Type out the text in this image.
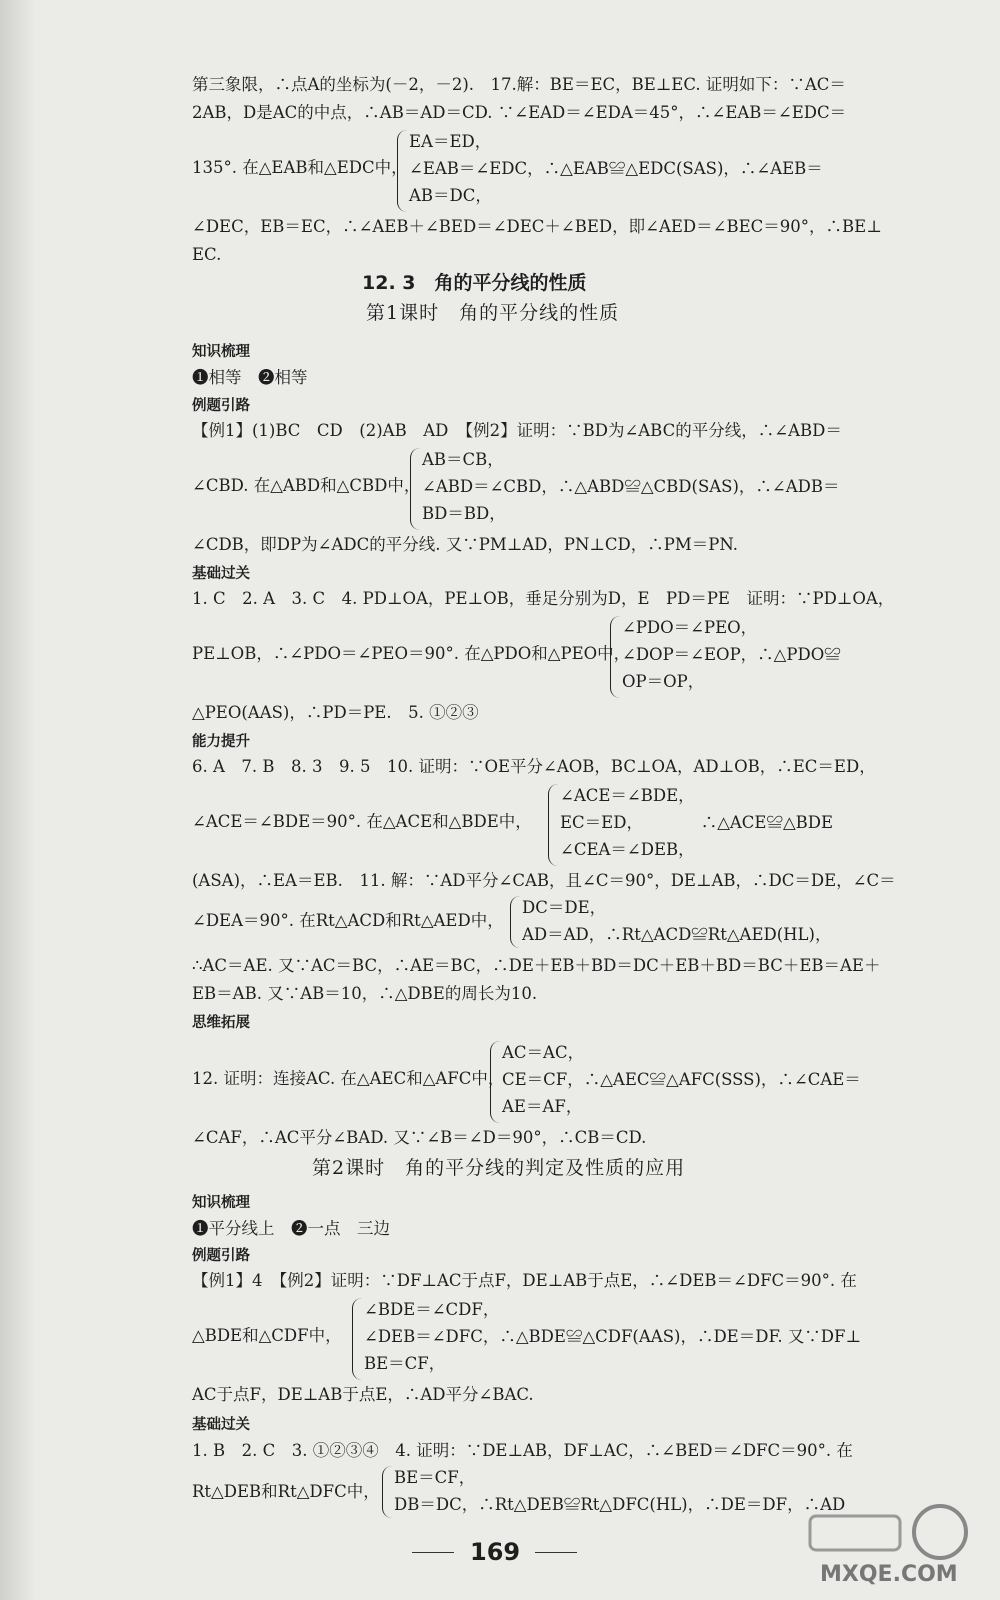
第三象限，∴点A的坐标为(－2，－2).　17.解：BE＝EC，BE⊥EC. 证明如下：∵AC＝
2AB，D是AC的中点，∴AB＝AD＝CD. ∵∠EAD＝∠EDA＝45°，∴∠EAB＝∠EDC＝
135°. 在△EAB和△EDC中，
EA＝ED，
∠EAB＝∠EDC，∴△EAB≌△EDC(SAS)，∴∠AEB＝
AB＝DC，
∠DEC，EB＝EC，∴∠AEB＋∠BED＝∠DEC＋∠BED，即∠AED＝∠BEC＝90°，∴BE⊥
EC.
12. 3　角的平分线的性质
第1课时　角的平分线的性质
知识梳理
❶相等　❷相等
例题引路
【例1】(1)BC　CD　(2)AB　AD　【例2】证明：∵BD为∠ABC的平分线，∴∠ABD＝
∠CBD. 在△ABD和△CBD中，
AB＝CB，
∠ABD＝∠CBD，∴△ABD≌△CBD(SAS)，∴∠ADB＝
BD＝BD，
∠CDB，即DP为∠ADC的平分线. 又∵PM⊥AD，PN⊥CD，∴PM＝PN.
基础过关
1. C　2. A　3. C　4. PD⊥OA，PE⊥OB，垂足分别为D，E　PD＝PE　证明：∵PD⊥OA，
PE⊥OB，∴∠PDO＝∠PEO＝90°. 在△PDO和△PEO中，
∠PDO＝∠PEO，
∠DOP＝∠EOP，∴△PDO≌
OP＝OP，
△PEO(AAS)，∴PD＝PE.　5. ①②③
能力提升
6. A　7. B　8. 3　9. 5　10. 证明：∵OE平分∠AOB，BC⊥OA，AD⊥OB，∴EC＝ED，
∠ACE＝∠BDE＝90°. 在△ACE和△BDE中，
∠ACE＝∠BDE，
EC＝ED，　　　　∴△ACE≌△BDE
∠CEA＝∠DEB，
(ASA)，∴EA＝EB.　11. 解：∵AD平分∠CAB，且∠C＝90°，DE⊥AB，∴DC＝DE，∠C＝
∠DEA＝90°. 在Rt△ACD和Rt△AED中，
DC＝DE，
AD＝AD，∴Rt△ACD≌Rt△AED(HL)，
∴AC＝AE. 又∵AC＝BC，∴AE＝BC，∴DE＋EB＋BD＝DC＋EB＋BD＝BC＋EB＝AE＋
EB＝AB. 又∵AB＝10，∴△DBE的周长为10.
思维拓展
12. 证明：连接AC. 在△AEC和△AFC中，
AC＝AC，
CE＝CF，∴△AEC≌△AFC(SSS)，∴∠CAE＝
AE＝AF，
∠CAF，∴AC平分∠BAD. 又∵∠B＝∠D＝90°，∴CB＝CD.
第2课时　角的平分线的判定及性质的应用
知识梳理
❶平分线上　❷一点　三边
例题引路
【例1】4　【例2】证明：∵DF⊥AC于点F，DE⊥AB于点E，∴∠DEB＝∠DFC＝90°. 在
△BDE和△CDF中，
∠BDE＝∠CDF，
∠DEB＝∠DFC，∴△BDE≌△CDF(AAS)，∴DE＝DF. 又∵DF⊥
BE＝CF，
AC于点F，DE⊥AB于点E，∴AD平分∠BAC.
基础过关
1. B　2. C　3. ①②③④　4. 证明：∵DE⊥AB，DF⊥AC，∴∠BED＝∠DFC＝90°. 在
Rt△DEB和Rt△DFC中，
BE＝CF，
DB＝DC，∴Rt△DEB≌Rt△DFC(HL)，∴DE＝DF，∴AD
169
MXQE.COM
